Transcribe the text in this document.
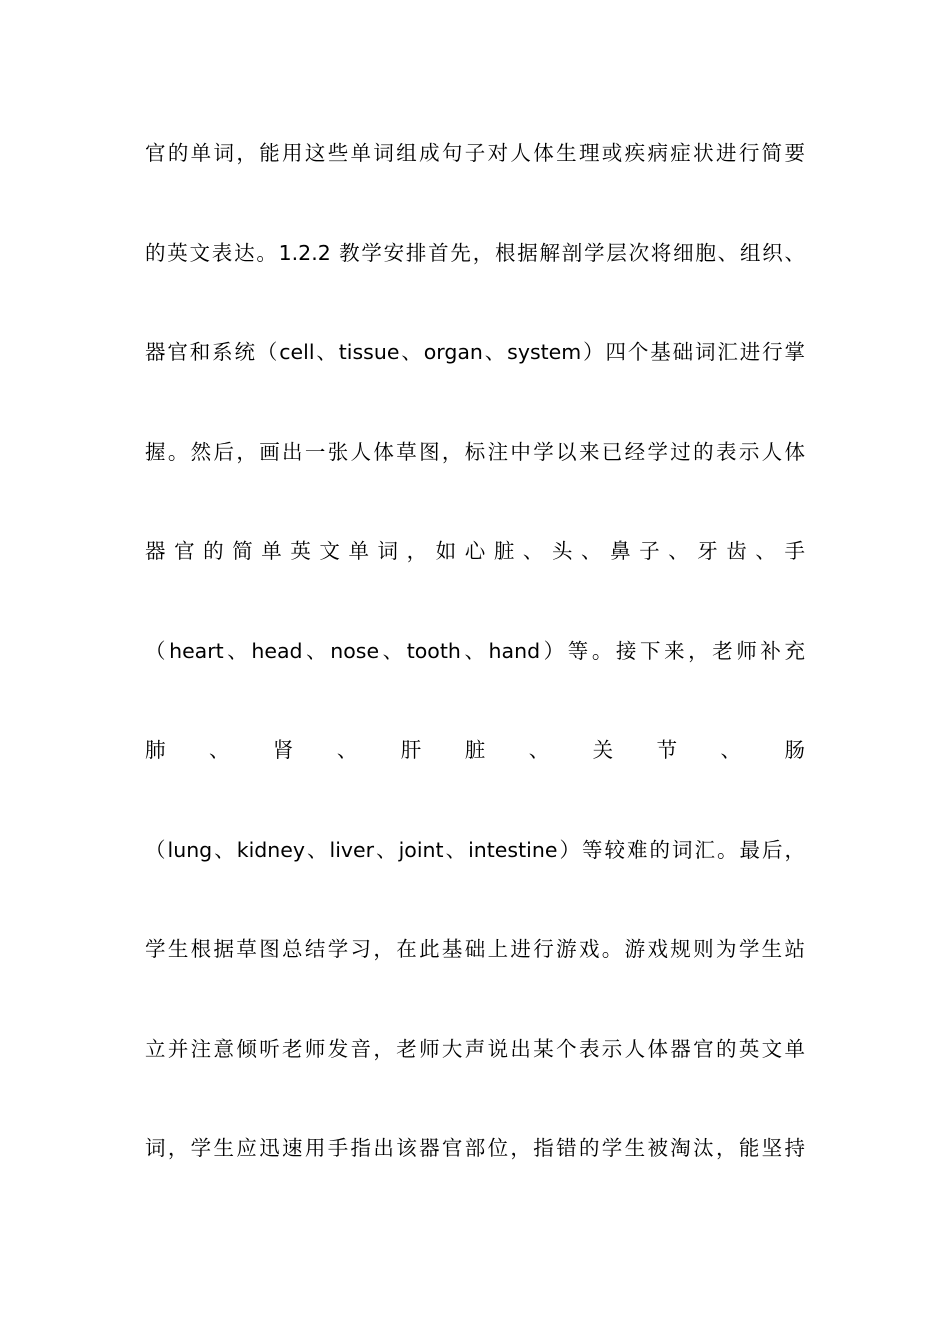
官的单词，能用这些单词组成句子对人体生理或疾病症状进行简要
的英文表达。1.2.2 教学安排首先，根据解剖学层次将细胞、组织、
器官和系统（cell、tissue、organ、system）四个基础词汇进行掌
握。然后，画出一张人体草图，标注中学以来已经学过的表示人体
器官的简单英文单词，如心脏、头、鼻子、牙齿、手
（heart、head、nose、tooth、hand）等。接下来，老师补充
肺 、 肾 、 肝 脏 、 关 节 、 肠
（lung、kidney、liver、joint、intestine）等较难的词汇。最后，
学生根据草图总结学习，在此基础上进行游戏。游戏规则为学生站
立并注意倾听老师发音，老师大声说出某个表示人体器官的英文单
词，学生应迅速用手指出该器官部位，指错的学生被淘汰，能坚持
